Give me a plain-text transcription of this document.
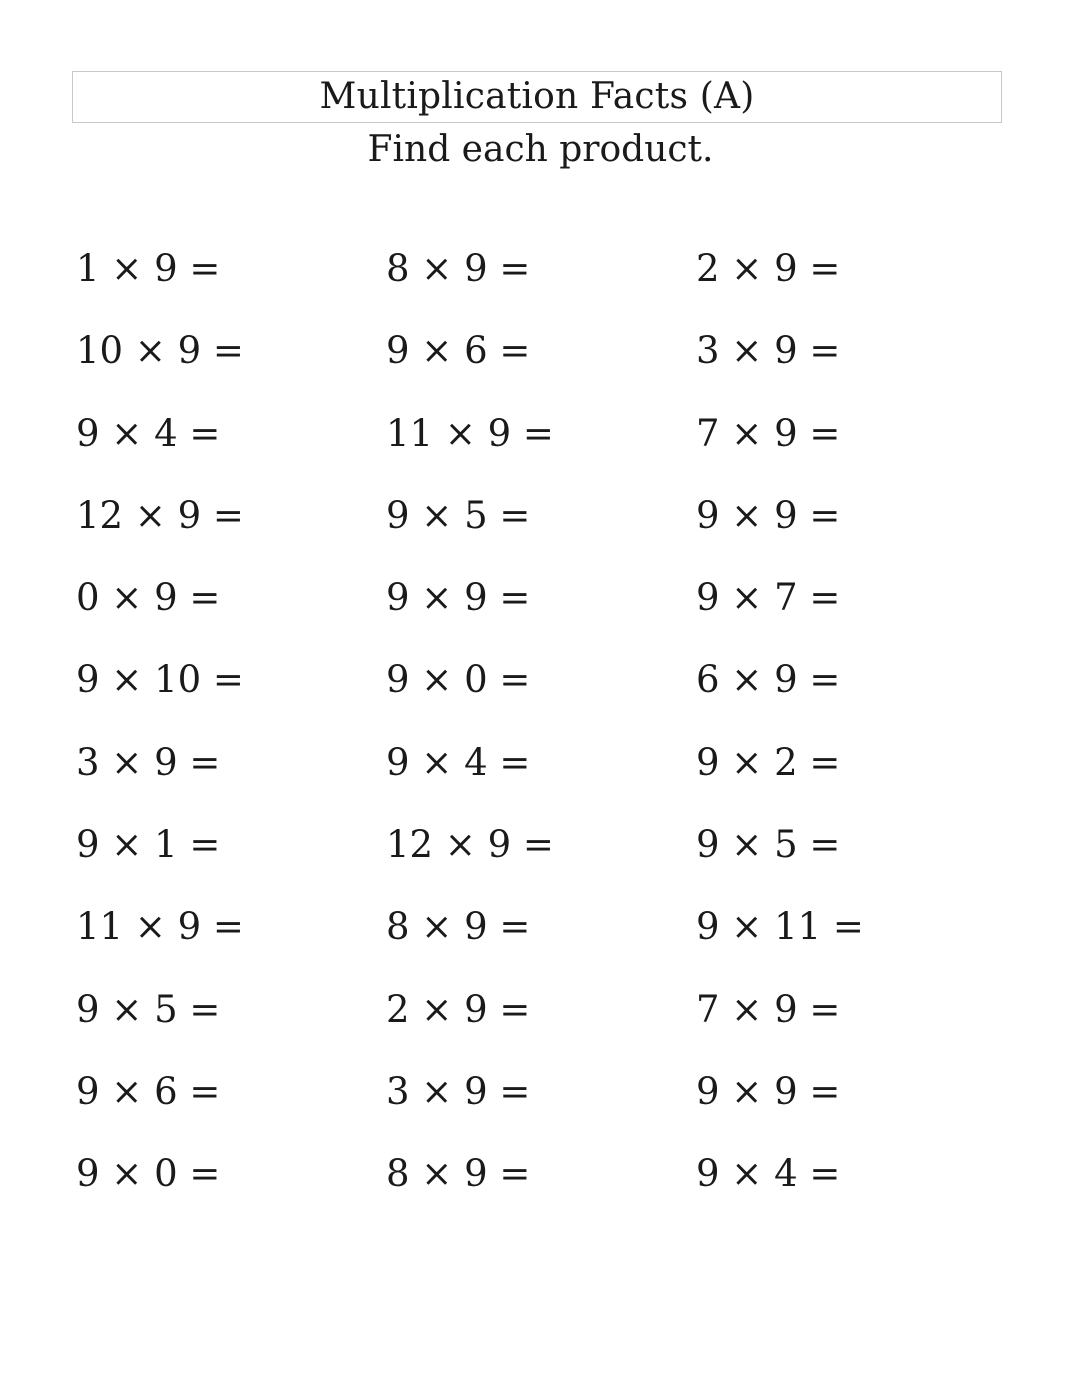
Multiplication Facts (A)
Find each product.
1 × 9 =	8 × 9 =	2 × 9 =
10 × 9 =	9 × 6 =	3 × 9 =
9 × 4 =	11 × 9 =	7 × 9 =
12 × 9 =	9 × 5 =	9 × 9 =
0 × 9 =	9 × 9 =	9 × 7 =
9 × 10 =	9 × 0 =	6 × 9 =
3 × 9 =	9 × 4 =	9 × 2 =
9 × 1 =	12 × 9 =	9 × 5 =
11 × 9 =	8 × 9 =	9 × 11 =
9 × 5 =	2 × 9 =	7 × 9 =
9 × 6 =	3 × 9 =	9 × 9 =
9 × 0 =	8 × 9 =	9 × 4 =
